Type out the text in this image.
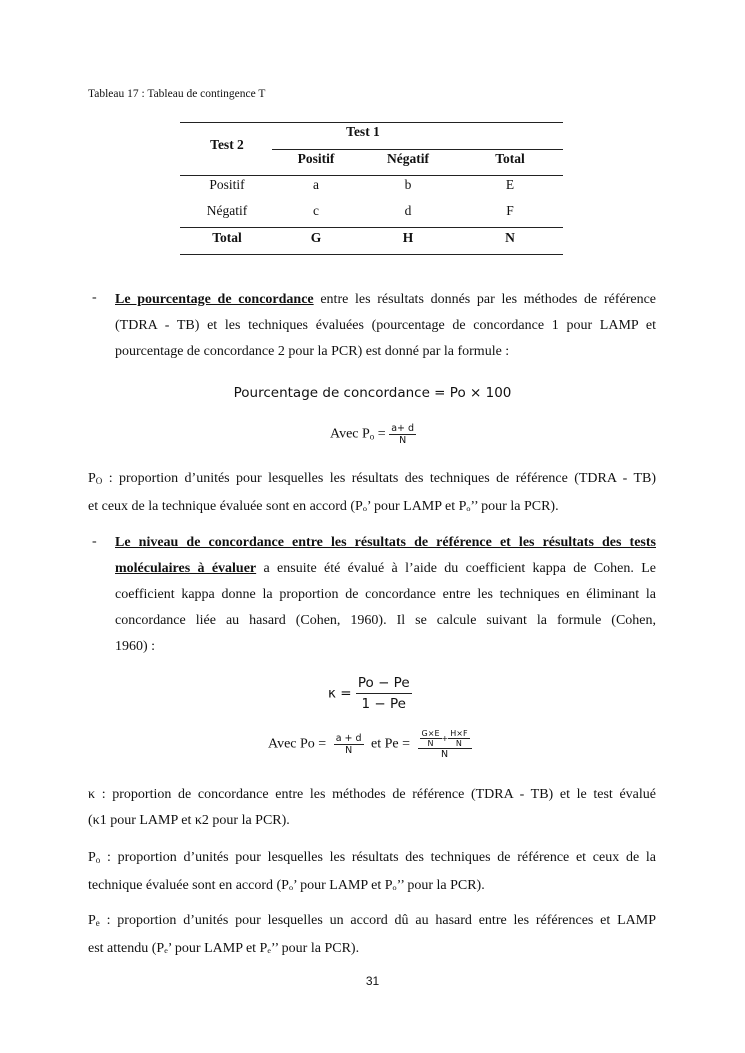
Tableau 17 : Tableau de contingence T
Test 2
Test 1
Positif	Négatif	Total
Positif	a	b	E
Négatif	c	d	F
Total	G	H	N
- Le pourcentage de concordance entre les résultats donnés par les méthodes de référence
(TDRA - TB) et les techniques évaluées (pourcentage de concordance 1 pour LAMP et
pourcentage de concordance 2 pour la PCR) est donné par la formule :
Pourcentage de concordance = Po × 100
Avec $P_o = \frac{a+ d}{N}$
$P_O$ : proportion d’unités pour lesquelles les résultats des techniques de référence (TDRA - TB)
et ceux de la technique évaluée sont en accord (Pₒ’ pour LAMP et Pₒ’’ pour la PCR).
- Le niveau de concordance entre les résultats de référence et les résultats des tests
moléculaires à évaluer a ensuite été évalué à l’aide du coefficient kappa de Cohen. Le
coefficient kappa donne la proportion de concordance entre les techniques en éliminant la
concordance liée au hasard (Cohen, 1960). Il se calcule suivant la formule (Cohen,
1960) :
$\kappa = \frac{Po - Pe}{1 - Pe}$
Avec $Po = \frac{a + d}{N}$ et $Pe = \frac{\frac{G\times E}{N} + \frac{H\times F}{N}}{N}$
κ : proportion de concordance entre les méthodes de référence (TDRA - TB) et le test évalué
(κ1 pour LAMP et κ2 pour la PCR).
$P_o$ : proportion d’unités pour lesquelles les résultats des techniques de référence et ceux de la
technique évaluée sont en accord (Pₒ’ pour LAMP et Pₒ’’ pour la PCR).
$P_e$ : proportion d’unités pour lesquelles un accord dû au hasard entre les références et LAMP
est attendu (Pₑ’ pour LAMP et Pₑ’’ pour la PCR).
31
